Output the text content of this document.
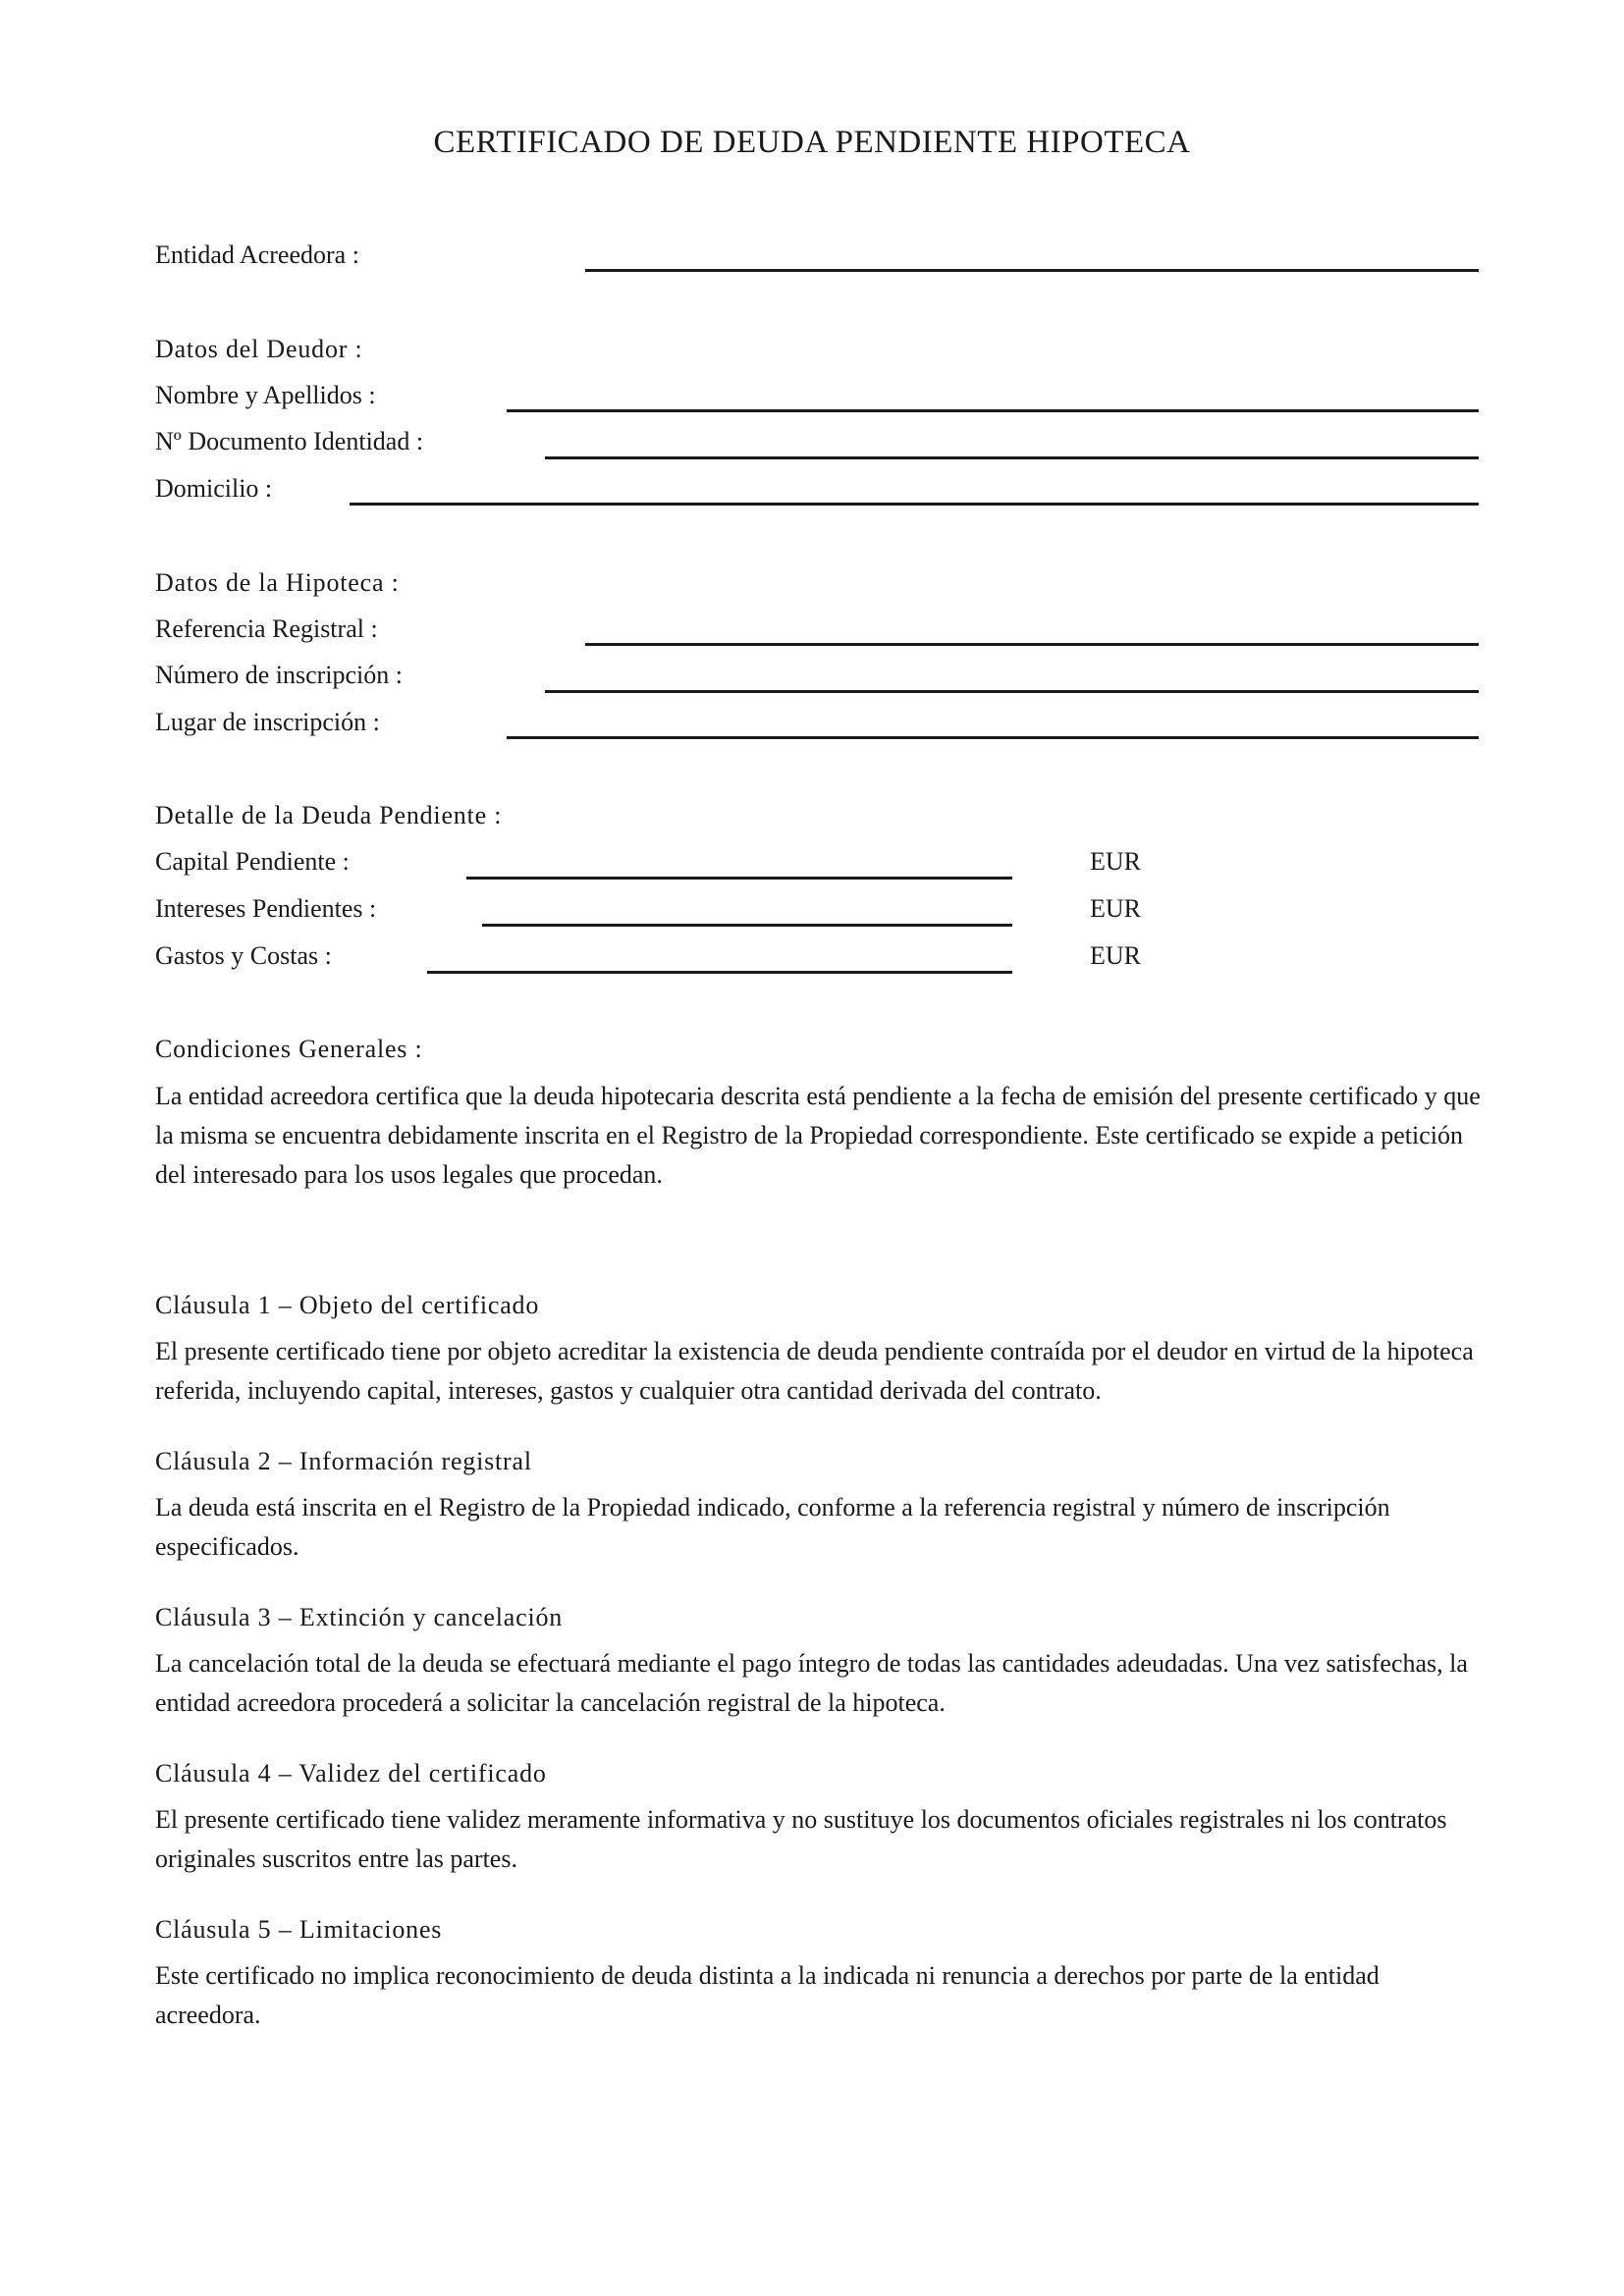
CERTIFICADO DE DEUDA PENDIENTE HIPOTECA
Entidad Acreedora :
Datos del Deudor :
Nombre y Apellidos :
Nº Documento Identidad :
Domicilio :
Datos de la Hipoteca :
Referencia Registral :
Número de inscripción :
Lugar de inscripción :
Detalle de la Deuda Pendiente :
Capital Pendiente :	EUR
Intereses Pendientes :	EUR
Gastos y Costas :	EUR
Condiciones Generales :
La entidad acreedora certifica que la deuda hipotecaria descrita está pendiente a la fecha de emisión del presente certificado y que la misma se encuentra debidamente inscrita en el Registro de la Propiedad correspondiente. Este certificado se expide a petición del interesado para los usos legales que procedan.
Cláusula 1 – Objeto del certificado
El presente certificado tiene por objeto acreditar la existencia de deuda pendiente contraída por el deudor en virtud de la hipoteca referida, incluyendo capital, intereses, gastos y cualquier otra cantidad derivada del contrato.
Cláusula 2 – Información registral
La deuda está inscrita en el Registro de la Propiedad indicado, conforme a la referencia registral y número de inscripción especificados.
Cláusula 3 – Extinción y cancelación
La cancelación total de la deuda se efectuará mediante el pago íntegro de todas las cantidades adeudadas. Una vez satisfechas, la entidad acreedora procederá a solicitar la cancelación registral de la hipoteca.
Cláusula 4 – Validez del certificado
El presente certificado tiene validez meramente informativa y no sustituye los documentos oficiales registrales ni los contratos originales suscritos entre las partes.
Cláusula 5 – Limitaciones
Este certificado no implica reconocimiento de deuda distinta a la indicada ni renuncia a derechos por parte de la entidad acreedora.
